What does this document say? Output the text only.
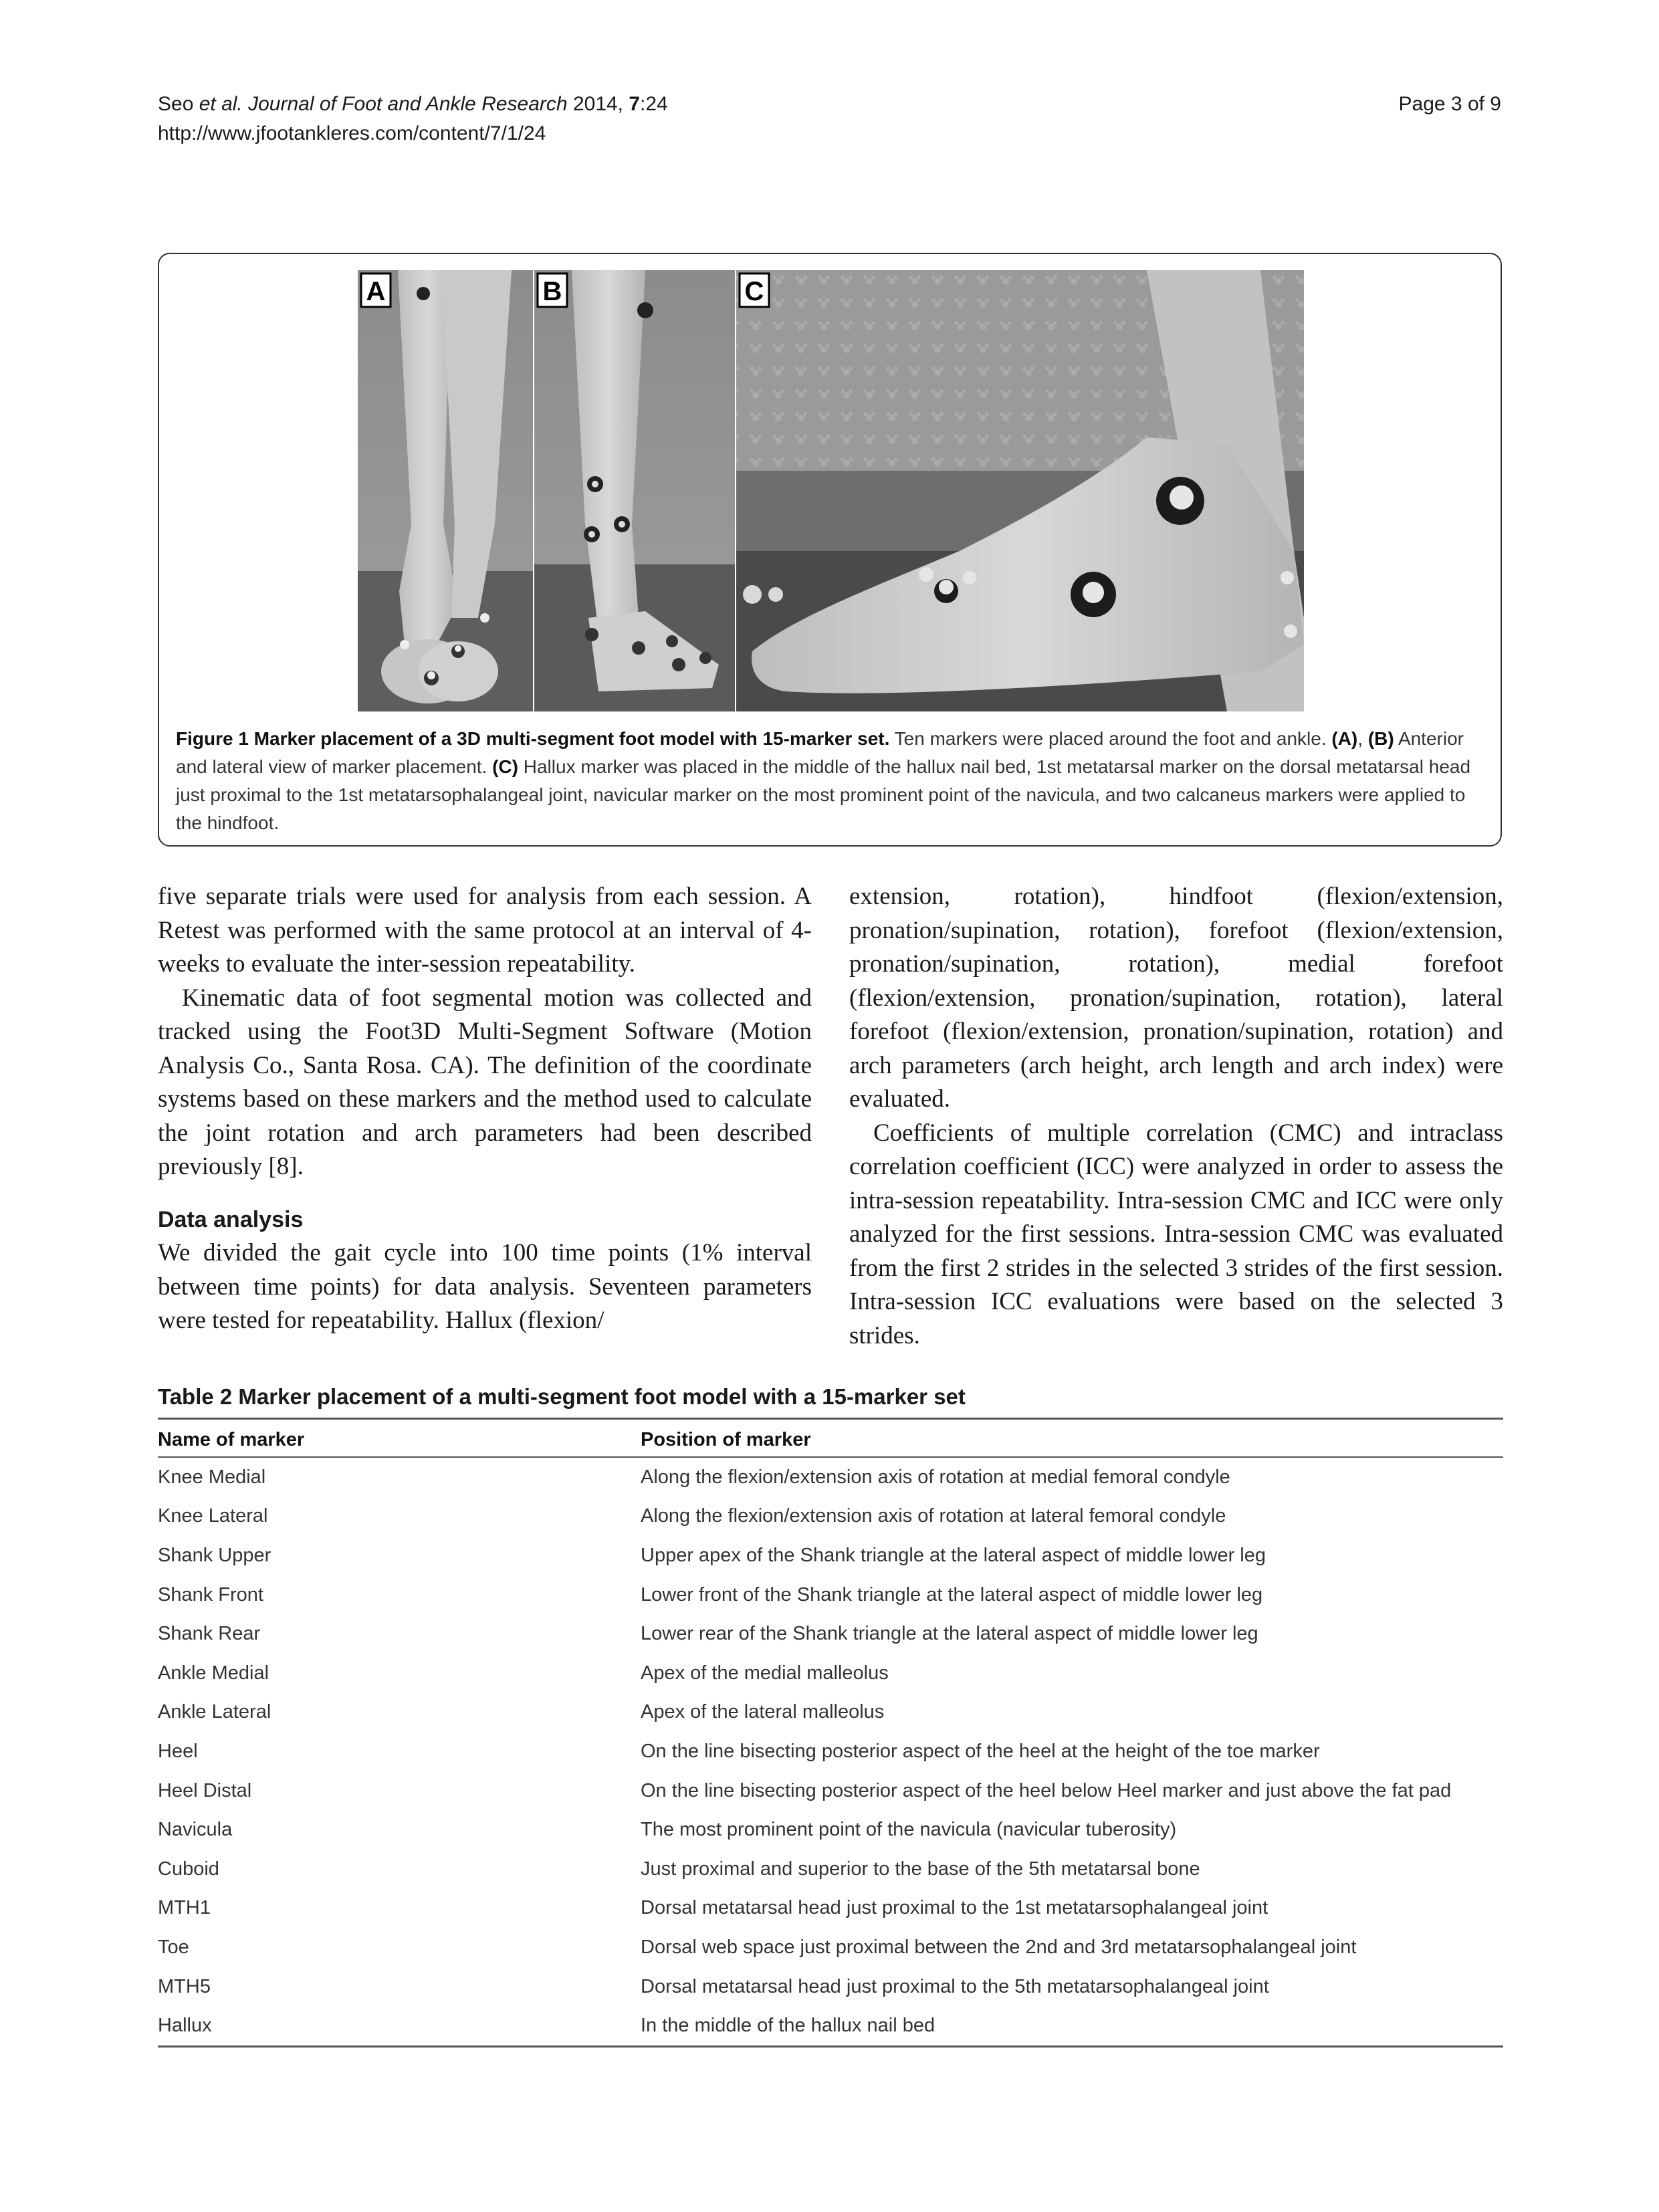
Seo et al. Journal of Foot and Ankle Research 2014, 7:24
http://www.jfootankleres.com/content/7/1/24
Page 3 of 9
A	B	C
Figure 1 Marker placement of a 3D multi-segment foot model with 15-marker set. Ten markers were placed around the foot and ankle. (A), (B) Anterior and lateral view of marker placement. (C) Hallux marker was placed in the middle of the hallux nail bed, 1st metatarsal marker on the dorsal metatarsal head just proximal to the 1st metatarsophalangeal joint, navicular marker on the most prominent point of the navicula, and two calcaneus markers were applied to the hindfoot.

five separate trials were used for analysis from each session. A Retest was performed with the same protocol at an interval of 4-weeks to evaluate the inter-session repeatability.

Kinematic data of foot segmental motion was collected and tracked using the Foot3D Multi-Segment Software (Motion Analysis Co., Santa Rosa. CA). The definition of the coordinate systems based on these markers and the method used to calculate the joint rotation and arch parameters had been described previously [8].

Data analysis

We divided the gait cycle into 100 time points (1% interval between time points) for data analysis. Seventeen parameters were tested for repeatability. Hallux (flexion/

extension, rotation), hindfoot (flexion/extension, pronation/supination, rotation), forefoot (flexion/extension, pronation/supination, rotation), medial forefoot (flexion/extension, pronation/supination, rotation), lateral forefoot (flexion/extension, pronation/supination, rotation) and arch parameters (arch height, arch length and arch index) were evaluated.

Coefficients of multiple correlation (CMC) and intraclass correlation coefficient (ICC) were analyzed in order to assess the intra-session repeatability. Intra-session CMC and ICC were only analyzed for the first sessions. Intra-session CMC was evaluated from the first 2 strides in the selected 3 strides of the first session. Intra-session ICC evaluations were based on the selected 3 strides.

Table 2 Marker placement of a multi-segment foot model with a 15-marker set
Name of marker	Position of marker
Knee Medial	Along the flexion/extension axis of rotation at medial femoral condyle
Knee Lateral	Along the flexion/extension axis of rotation at lateral femoral condyle
Shank Upper	Upper apex of the Shank triangle at the lateral aspect of middle lower leg
Shank Front	Lower front of the Shank triangle at the lateral aspect of middle lower leg
Shank Rear	Lower rear of the Shank triangle at the lateral aspect of middle lower leg
Ankle Medial	Apex of the medial malleolus
Ankle Lateral	Apex of the lateral malleolus
Heel	On the line bisecting posterior aspect of the heel at the height of the toe marker
Heel Distal	On the line bisecting posterior aspect of the heel below Heel marker and just above the fat pad
Navicula	The most prominent point of the navicula (navicular tuberosity)
Cuboid	Just proximal and superior to the base of the 5th metatarsal bone
MTH1	Dorsal metatarsal head just proximal to the 1st metatarsophalangeal joint
Toe	Dorsal web space just proximal between the 2nd and 3rd metatarsophalangeal joint
MTH5	Dorsal metatarsal head just proximal to the 5th metatarsophalangeal joint
Hallux	In the middle of the hallux nail bed
